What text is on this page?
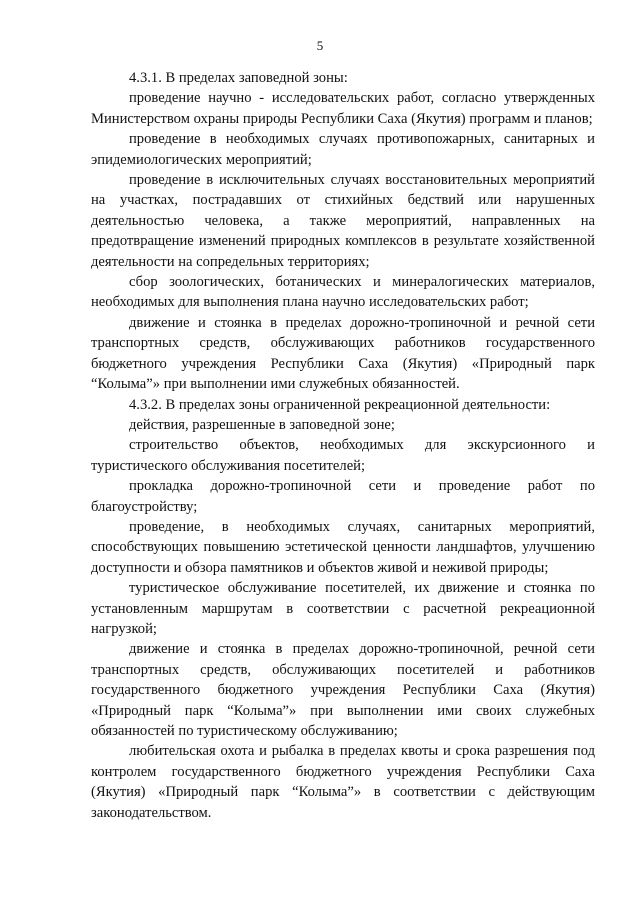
5

4.3.1. В пределах заповедной зоны:

проведение научно - исследовательских работ, согласно утвержденных Министерством охраны природы Республики Саха (Якутия) программ и планов;

проведение в необходимых случаях противопожарных, санитарных и эпидемиологических мероприятий;

проведение в исключительных случаях восстановительных мероприятий на участках, пострадавших от стихийных бедствий или нарушенных деятельностью человека, а также мероприятий, направленных на предотвращение изменений природных комплексов в результате хозяйственной деятельности на сопредельных территориях;

сбор зоологических, ботанических и минералогических материалов, необходимых для выполнения плана научно исследовательских работ;

движение и стоянка в пределах дорожно-тропиночной и речной сети транспортных средств, обслуживающих работников государственного бюджетного учреждения Республики Саха (Якутия) «Природный парк “Колыма”» при выполнении ими служебных обязанностей.

4.3.2. В пределах зоны ограниченной рекреационной деятельности:

действия, разрешенные в заповедной зоне;

строительство объектов, необходимых для экскурсионного и туристического обслуживания посетителей;

прокладка дорожно-тропиночной сети и проведение работ по благоустройству;

проведение, в необходимых случаях, санитарных мероприятий, способствующих повышению эстетической ценности ландшафтов, улучшению доступности и обзора памятников и объектов живой и неживой природы;

туристическое обслуживание посетителей, их движение и стоянка по установленным маршрутам в соответствии с расчетной рекреационной нагрузкой;

движение и стоянка в пределах дорожно-тропиночной, речной сети транспортных средств, обслуживающих посетителей и работников государственного бюджетного учреждения Республики Саха (Якутия) «Природный парк “Колыма”» при выполнении ими своих служебных обязанностей по туристическому обслуживанию;

любительская охота и рыбалка в пределах квоты и срока разрешения под контролем государственного бюджетного учреждения Республики Саха (Якутия) «Природный парк “Колыма”» в соответствии с действующим законодательством.
